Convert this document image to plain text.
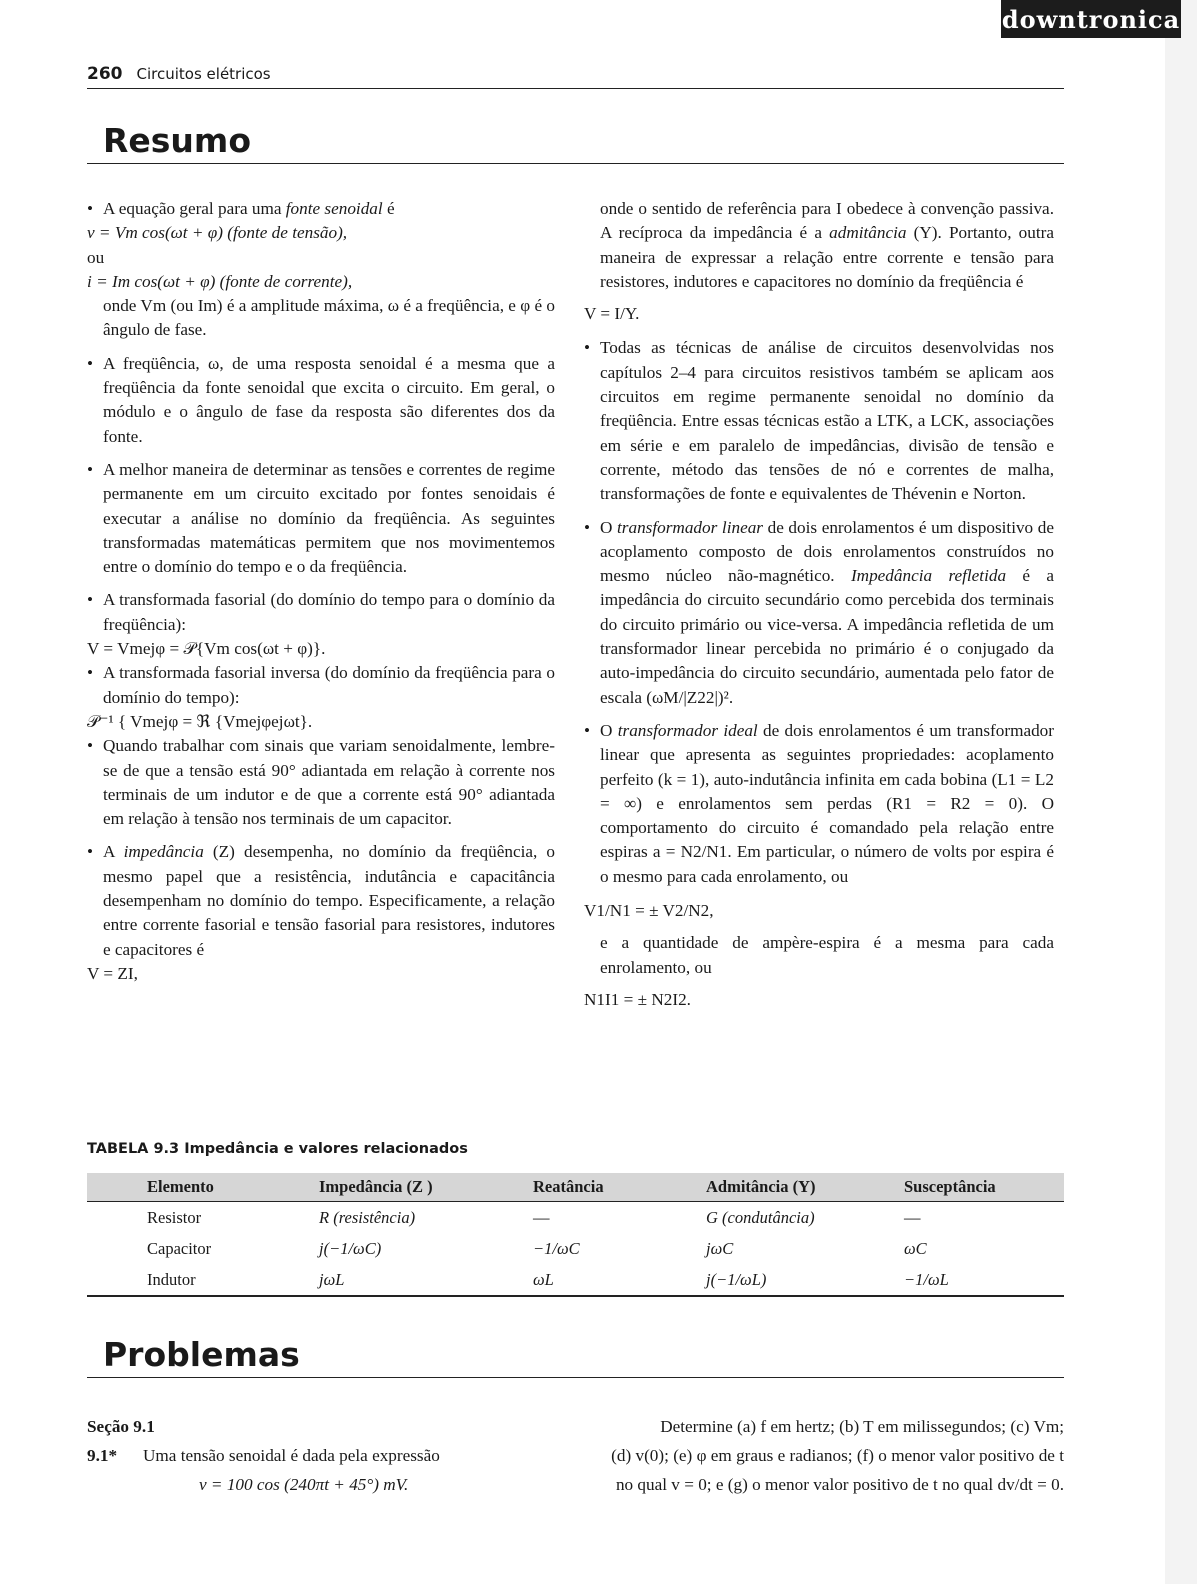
downtronica
260 Circuitos elétricos
Resumo

• A equação geral para uma fonte senoidal é

v = Vm cos(ωt + φ) (fonte de tensão),

ou

i = Im cos(ωt + φ) (fonte de corrente),

onde Vm (ou Im) é a amplitude máxima, ω é a freqüência, e φ é o ângulo de fase.

• A freqüência, ω, de uma resposta senoidal é a mesma que a freqüência da fonte senoidal que excita o circuito. Em geral, o módulo e o ângulo de fase da resposta são diferentes dos da fonte.

• A melhor maneira de determinar as tensões e correntes de regime permanente em um circuito excitado por fontes senoidais é executar a análise no domínio da freqüência. As seguintes transformadas matemáticas permitem que nos movimentemos entre o domínio do tempo e o da freqüência.

• A transformada fasorial (do domínio do tempo para o domínio da freqüência):

V = Vmejφ = 𝒫{Vm cos(ωt + φ)}.

• A transformada fasorial inversa (do domínio da freqüência para o domínio do tempo):

𝒫⁻¹ { Vmejφ = ℜ {Vmejφejωt}.

• Quando trabalhar com sinais que variam senoidalmente, lembre-se de que a tensão está 90° adiantada em relação à corrente nos terminais de um indutor e de que a corrente está 90° adiantada em relação à tensão nos terminais de um capacitor.

• A impedância (Z) desempenha, no domínio da freqüência, o mesmo papel que a resistência, indutância e capacitância desempenham no domínio do tempo. Especificamente, a relação entre corrente fasorial e tensão fasorial para resistores, indutores e capacitores é

V = ZI,

onde o sentido de referência para I obedece à convenção passiva. A recíproca da impedância é a admitância (Y). Portanto, outra maneira de expressar a relação entre corrente e tensão para resistores, indutores e capacitores no domínio da freqüência é

V = I/Y.

• Todas as técnicas de análise de circuitos desenvolvidas nos capítulos 2–4 para circuitos resistivos também se aplicam aos circuitos em regime permanente senoidal no domínio da freqüência. Entre essas técnicas estão a LTK, a LCK, associações em série e em paralelo de impedâncias, divisão de tensão e corrente, método das tensões de nó e correntes de malha, transformações de fonte e equivalentes de Thévenin e Norton.

• O transformador linear de dois enrolamentos é um dispositivo de acoplamento composto de dois enrolamentos construídos no mesmo núcleo não-magnético. Impedância refletida é a impedância do circuito secundário como percebida dos terminais do circuito primário ou vice-versa. A impedância refletida de um transformador linear percebida no primário é o conjugado da auto-impedância do circuito secundário, aumentada pelo fator de escala (ωM/|Z22|)².

• O transformador ideal de dois enrolamentos é um transformador linear que apresenta as seguintes propriedades: acoplamento perfeito (k = 1), auto-indutância infinita em cada bobina (L1 = L2 = ∞) e enrolamentos sem perdas (R1 = R2 = 0). O comportamento do circuito é comandado pela relação entre espiras a = N2/N1. Em particular, o número de volts por espira é o mesmo para cada enrolamento, ou

V1/N1 = ± V2/N2,

e a quantidade de ampère-espira é a mesma para cada enrolamento, ou

N1I1 = ± N2I2.

TABELA 9.3 Impedância e valores relacionados
	Elemento	Impedância (Z )	Reatância	Admitância (Y)	Susceptância
	Resistor	R (resistência)	—	G (condutância)	—
	Capacitor	j(−1/ωC)	−1/ωC	jωC	ωC
	Indutor	jωL	ωL	j(−1/ωL)	−1/ωL
Problemas
Seção 9.1
9.1* Uma tensão senoidal é dada pela expressão
v = 100 cos (240πt + 45°) mV.
Determine (a) f em hertz; (b) T em milissegundos; (c) Vm;
(d) v(0); (e) φ em graus e radianos; (f) o menor valor positivo de t
no qual v = 0; e (g) o menor valor positivo de t no qual dv/dt = 0.
